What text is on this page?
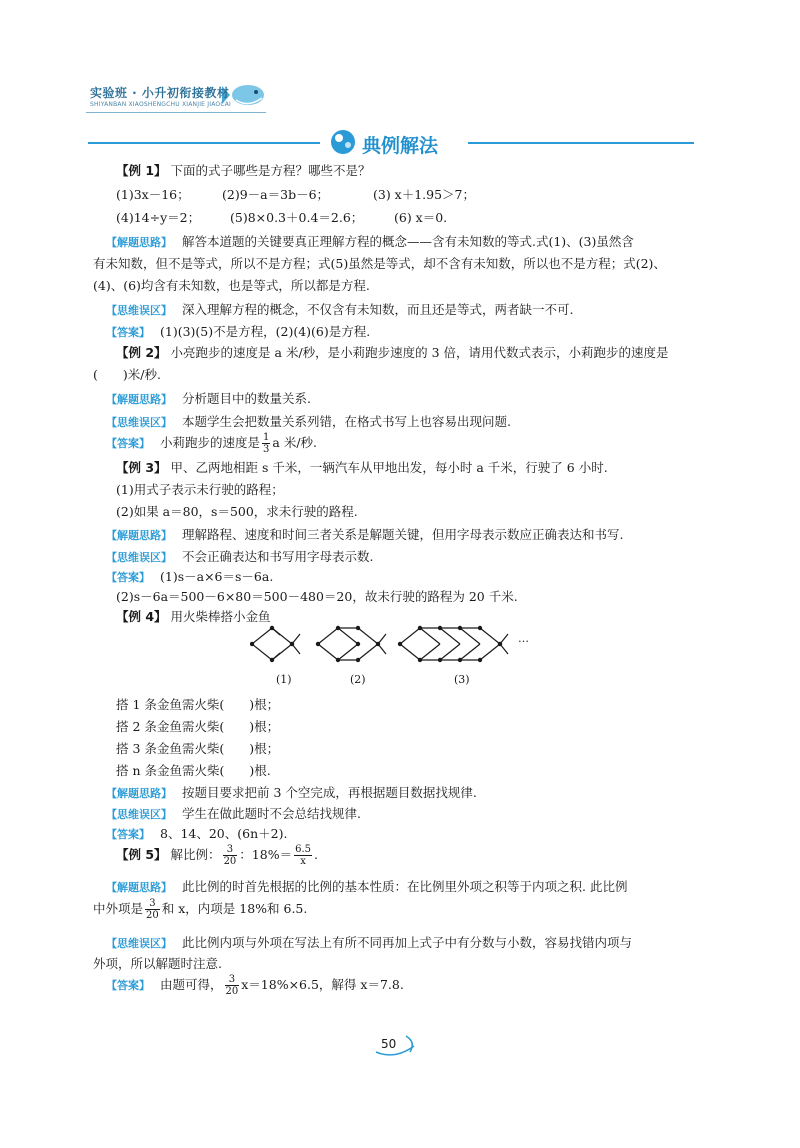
实验班 · 小升初衔接教材
SHIYANBAN XIAOSHENGCHU XIANJIE JIAOCAI
典例解法
【例 1】 下面的式子哪些是方程？哪些不是？
(1)3x－16；	(2)9－a＝3b－6；	(3) x＋1.95＞7；
(4)14÷y＝2； (5)8×0.3＋0.4＝2.6； (6) x＝0.
【解题思路】 解答本道题的关键要真正理解方程的概念——含有未知数的等式.式(1)、(3)虽然含
有未知数，但不是等式，所以不是方程；式(5)虽然是等式，却不含有未知数，所以也不是方程；式(2)、
(4)、(6)均含有未知数，也是等式，所以都是方程.
【思维误区】 深入理解方程的概念，不仅含有未知数，而且还是等式，两者缺一不可.
【答案】 (1)(3)(5)不是方程，(2)(4)(6)是方程.
【例 2】 小亮跑步的速度是 a 米/秒，是小莉跑步速度的 3 倍，请用代数式表示，小莉跑步的速度是
(　　)米/秒.
【解题思路】 分析题目中的数量关系.
【思维误区】 本题学生会把数量关系列错，在格式书写上也容易出现问题.
【答案】 小莉跑步的速度是 $\frac{1}{3}$ a 米/秒.
【例 3】 甲、乙两地相距 s 千米，一辆汽车从甲地出发，每小时 a 千米，行驶了 6 小时.
(1)用式子表示未行驶的路程；
(2)如果 a＝80，s＝500，求未行驶的路程.
【解题思路】 理解路程、速度和时间三者关系是解题关键，但用字母表示数应正确表达和书写.
【思维误区】 不会正确表达和书写用字母表示数.
【答案】 (1)s－a×6＝s－6a.
(2)s－6a＝500－6×80＝500－480＝20，故未行驶的路程为 20 千米.
【例 4】 用火柴棒搭小金鱼
…
(1)	(2)	(3)
搭 1 条金鱼需火柴(　　)根；
搭 2 条金鱼需火柴(　　)根；
搭 3 条金鱼需火柴(　　)根；
搭 n 条金鱼需火柴(　　)根.
【解题思路】 按题目要求把前 3 个空完成，再根据题目数据找规律.
【思维误区】 学生在做此题时不会总结找规律.
【答案】 8、14、20、(6n＋2).
【例 5】 解比例： $\frac{3}{20}$ ：$18\%= \frac{6.5}{x}$ .
【解题思路】 此比例的时首先根据的比例的基本性质：在比例里外项之积等于内项之积. 此比例
中外项是 $\frac{3}{20}$ 和 x，内项是 18%和 6.5.
【思维误区】 此比例内项与外项在写法上有所不同再加上式子中有分数与小数，容易找错内项与
外项，所以解题时注意.
【答案】 由题可得， $\frac{3}{20} x=18\%\times 6.5$，解得 x＝7.8.
50
